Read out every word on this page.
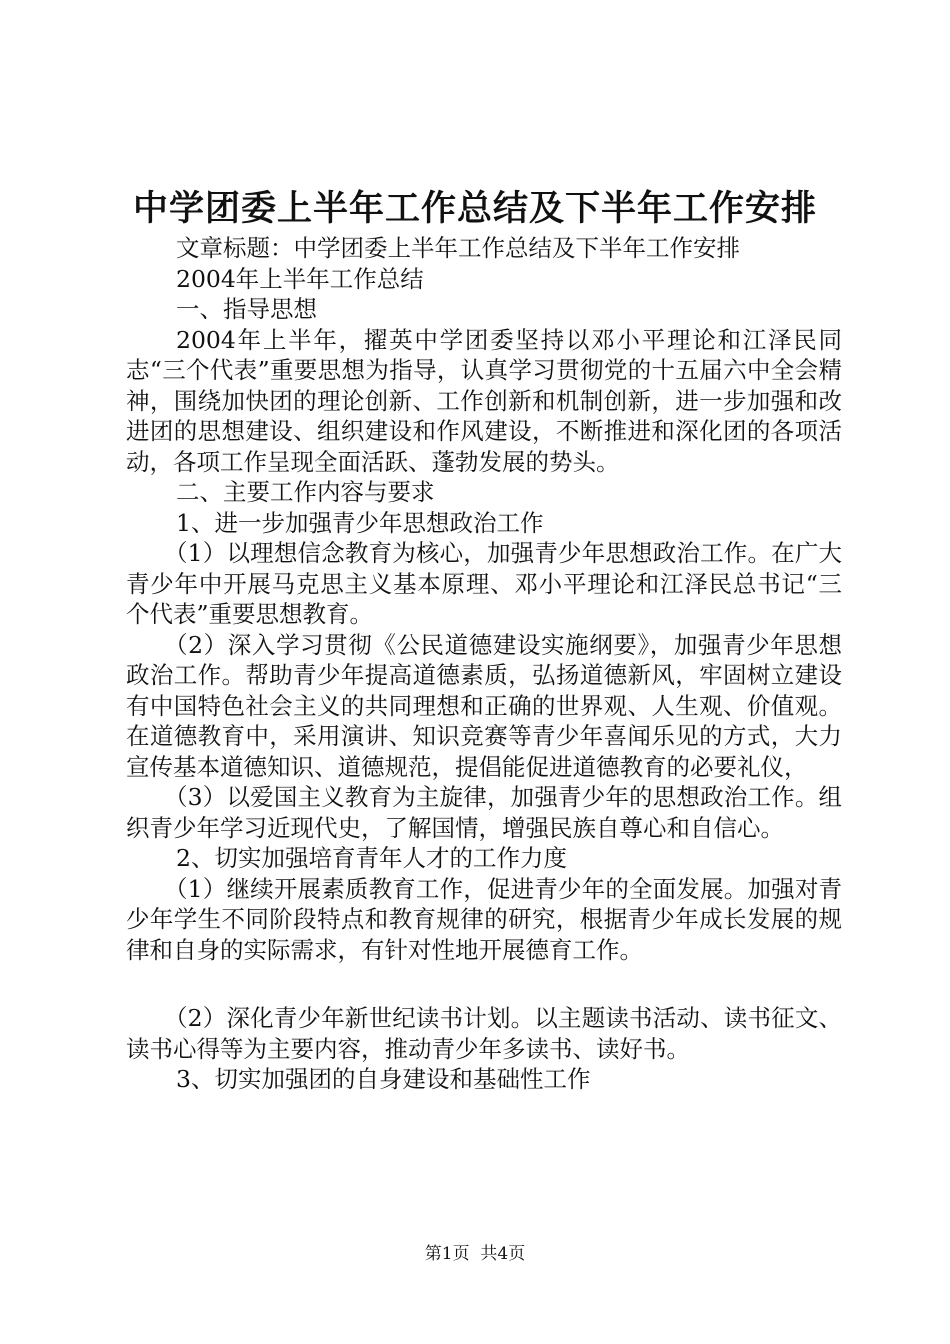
中学团委上半年工作总结及下半年工作安排

文章标题：中学团委上半年工作总结及下半年工作安排

2004年上半年工作总结

一、指导思想

2004年上半年，擢英中学团委坚持以邓小平理论和江泽民同志“三个代表”重要思想为指导，认真学习贯彻党的十五届六中全会精神，围绕加快团的理论创新、工作创新和机制创新，进一步加强和改进团的思想建设、组织建设和作风建设，不断推进和深化团的各项活动，各项工作呈现全面活跃、蓬勃发展的势头。

二、主要工作内容与要求

1、进一步加强青少年思想政治工作

（1）以理想信念教育为核心，加强青少年思想政治工作。在广大青少年中开展马克思主义基本原理、邓小平理论和江泽民总书记“三个代表”重要思想教育。

（2）深入学习贯彻《公民道德建设实施纲要》，加强青少年思想政治工作。帮助青少年提高道德素质，弘扬道德新风，牢固树立建设有中国特色社会主义的共同理想和正确的世界观、人生观、价值观。在道德教育中，采用演讲、知识竞赛等青少年喜闻乐见的方式，大力宣传基本道德知识、道德规范，提倡能促进道德教育的必要礼仪，

（3）以爱国主义教育为主旋律，加强青少年的思想政治工作。组织青少年学习近现代史，了解国情，增强民族自尊心和自信心。

2、切实加强培育青年人才的工作力度

（1）继续开展素质教育工作，促进青少年的全面发展。加强对青少年学生不同阶段特点和教育规律的研究，根据青少年成长发展的规律和自身的实际需求，有针对性地开展德育工作。

（2）深化青少年新世纪读书计划。以主题读书活动、读书征文、读书心得等为主要内容，推动青少年多读书、读好书。

3、切实加强团的自身建设和基础性工作

第1页  共4页
